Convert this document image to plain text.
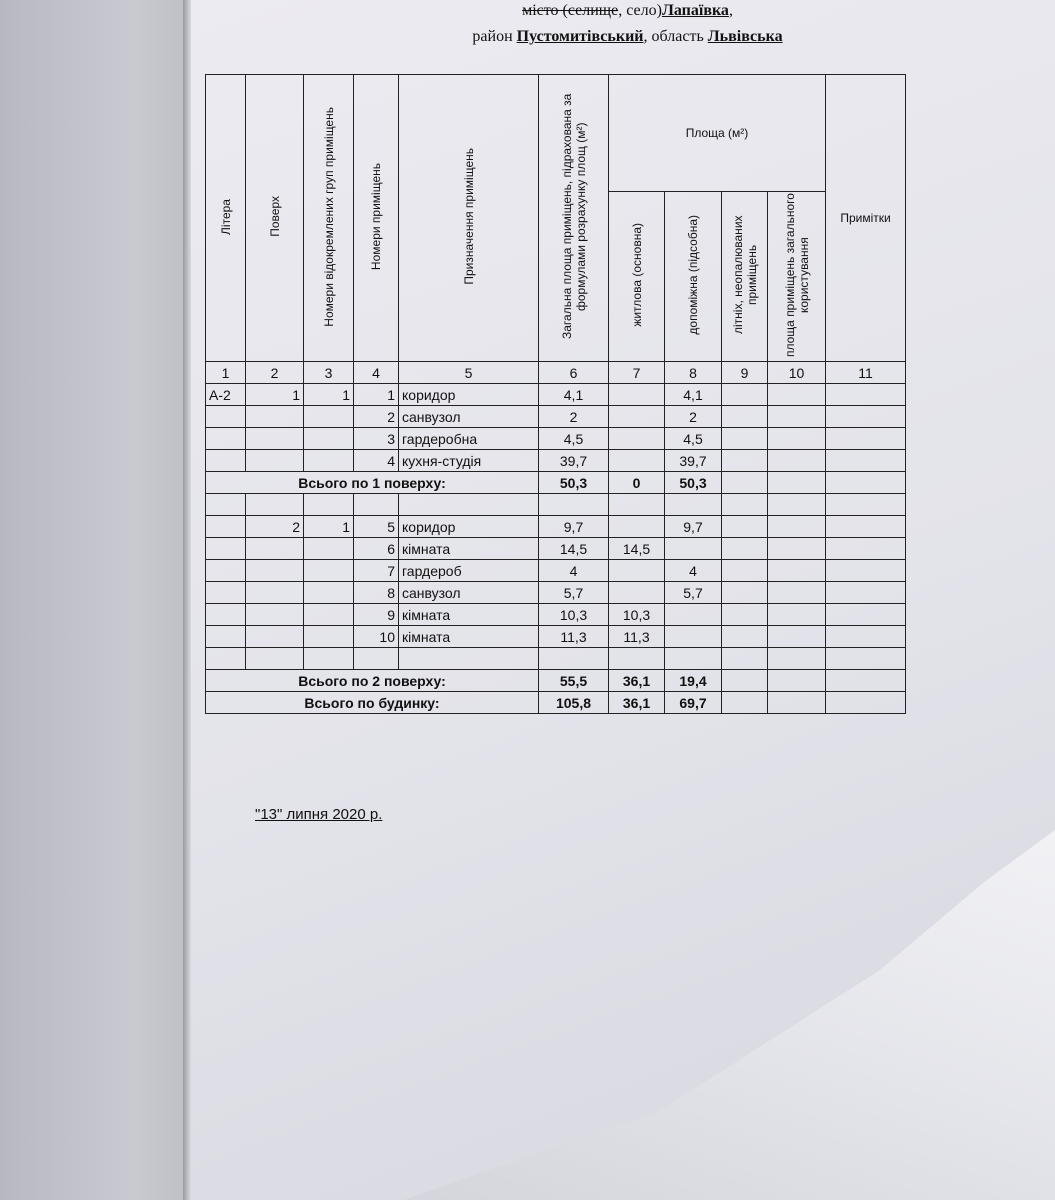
місто (селище, село)Лапаївка,
район Пустомитівський, область Львівська
Літера	Поверх	Номери відокремлених груп приміщень	Номери приміщень	Призначення приміщень	Загальна площа приміщень, підрахована за формулами розрахунку площ (м²)	Площа (м²)				Примітки
						житлова (основна)	допоміжна (підсобна)	літніх, неопалюваних приміщень	площа приміщень загального користування	
1	2	3	4	5	6	7	8	9	10	11
А-2	1	1	1	коридор	4,1		4,1			
			2	санвузол	2		2			
			3	гардеробна	4,5		4,5			
			4	кухня-студія	39,7		39,7			
Всього по 1 поверху:					50,3	0	50,3			

	2	1	5	коридор	9,7		9,7			
			6	кімната	14,5	14,5				
			7	гардероб	4		4			
			8	санвузол	5,7		5,7			
			9	кімната	10,3	10,3				
			10	кімната	11,3	11,3				

Всього по 2 поверху:					55,5	36,1	19,4			
Всього по будинку:					105,8	36,1	69,7			
"13" липня 2020 р.
